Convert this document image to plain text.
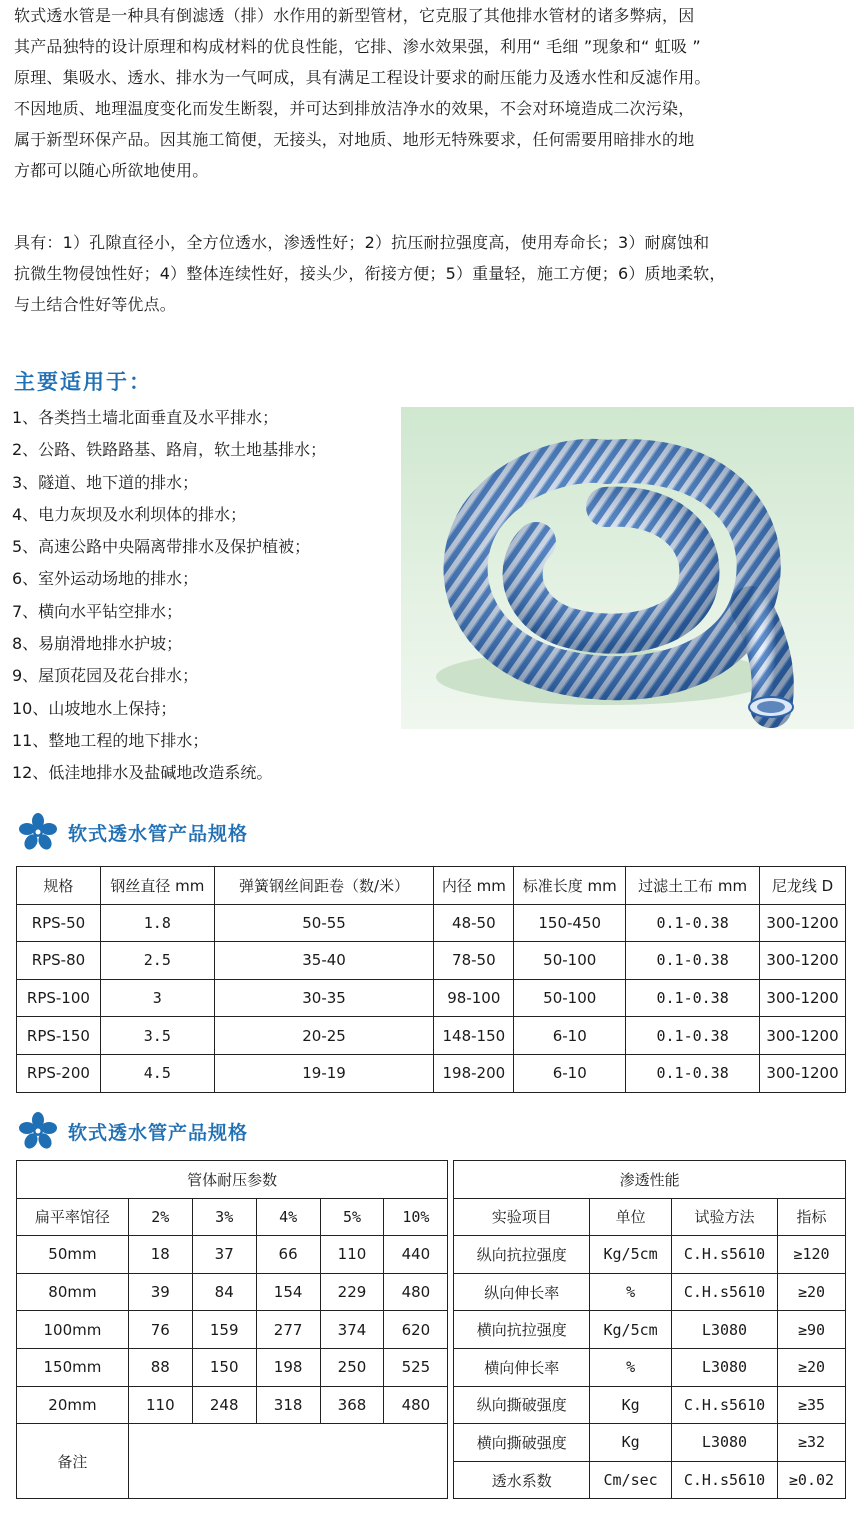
软式透水管是一种具有倒滤透（排）水作用的新型管材，它克服了其他排水管材的诸多弊病，因
其产品独特的设计原理和构成材料的优良性能，它排、渗水效果强，利用“ 毛细 ”现象和“ 虹吸 ”
原理、集吸水、透水、排水为一气呵成，具有满足工程设计要求的耐压能力及透水性和反滤作用。
不因地质、地理温度变化而发生断裂，并可达到排放洁净水的效果，不会对环境造成二次污染，
属于新型环保产品。因其施工简便，无接头，对地质、地形无特殊要求，任何需要用暗排水的地
方都可以随心所欲地使用。
具有：1）孔隙直径小，全方位透水，渗透性好；2）抗压耐拉强度高，使用寿命长；3）耐腐蚀和
抗微生物侵蚀性好；4）整体连续性好，接头少，衔接方便；5）重量轻，施工方便；6）质地柔软，
与土结合性好等优点。
主要适用于：
1、各类挡土墙北面垂直及水平排水；
2、公路、铁路路基、路肩，软土地基排水；
3、隧道、地下道的排水；
4、电力灰坝及水利坝体的排水；
5、高速公路中央隔离带排水及保护植被；
6、室外运动场地的排水；
7、横向水平钻空排水；
8、易崩滑地排水护坡；
9、屋顶花园及花台排水；
10、山坡地水上保持；
11、整地工程的地下排水；
12、低洼地排水及盐碱地改造系统。
软式透水管产品规格
规格	钢丝直径 mm	弹簧钢丝间距卷（数/米）	内径 mm	标准长度 mm	过滤土工布 mm	尼龙线 D
RPS-50	1.8	50-55	48-50	150-450	0.1-0.38	300-1200
RPS-80	2.5	35-40	78-50	50-100	0.1-0.38	300-1200
RPS-100	3	30-35	98-100	50-100	0.1-0.38	300-1200
RPS-150	3.5	20-25	148-150	6-10	0.1-0.38	300-1200
RPS-200	4.5	19-19	198-200	6-10	0.1-0.38	300-1200
软式透水管产品规格
管体耐压参数							渗透性能			
扁平率馆径	2%	3%	4%	5%	10%		实验项目	单位	试验方法	指标
50mm	18	37	66	110	440		纵向抗拉强度	Kg/5cm	C.H.s5610	≥120
80mm	39	84	154	229	480		纵向伸长率	%	C.H.s5610	≥20
100mm	76	159	277	374	620		横向抗拉强度	Kg/5cm	L3080	≥90
150mm	88	150	198	250	525		横向伸长率	%	L3080	≥20
20mm	110	248	318	368	480		纵向撕破强度	Kg	C.H.s5610	≥35
备注							横向撕破强度	Kg	L3080	≥32
							透水系数	Cm/sec	C.H.s5610	≥0.02
